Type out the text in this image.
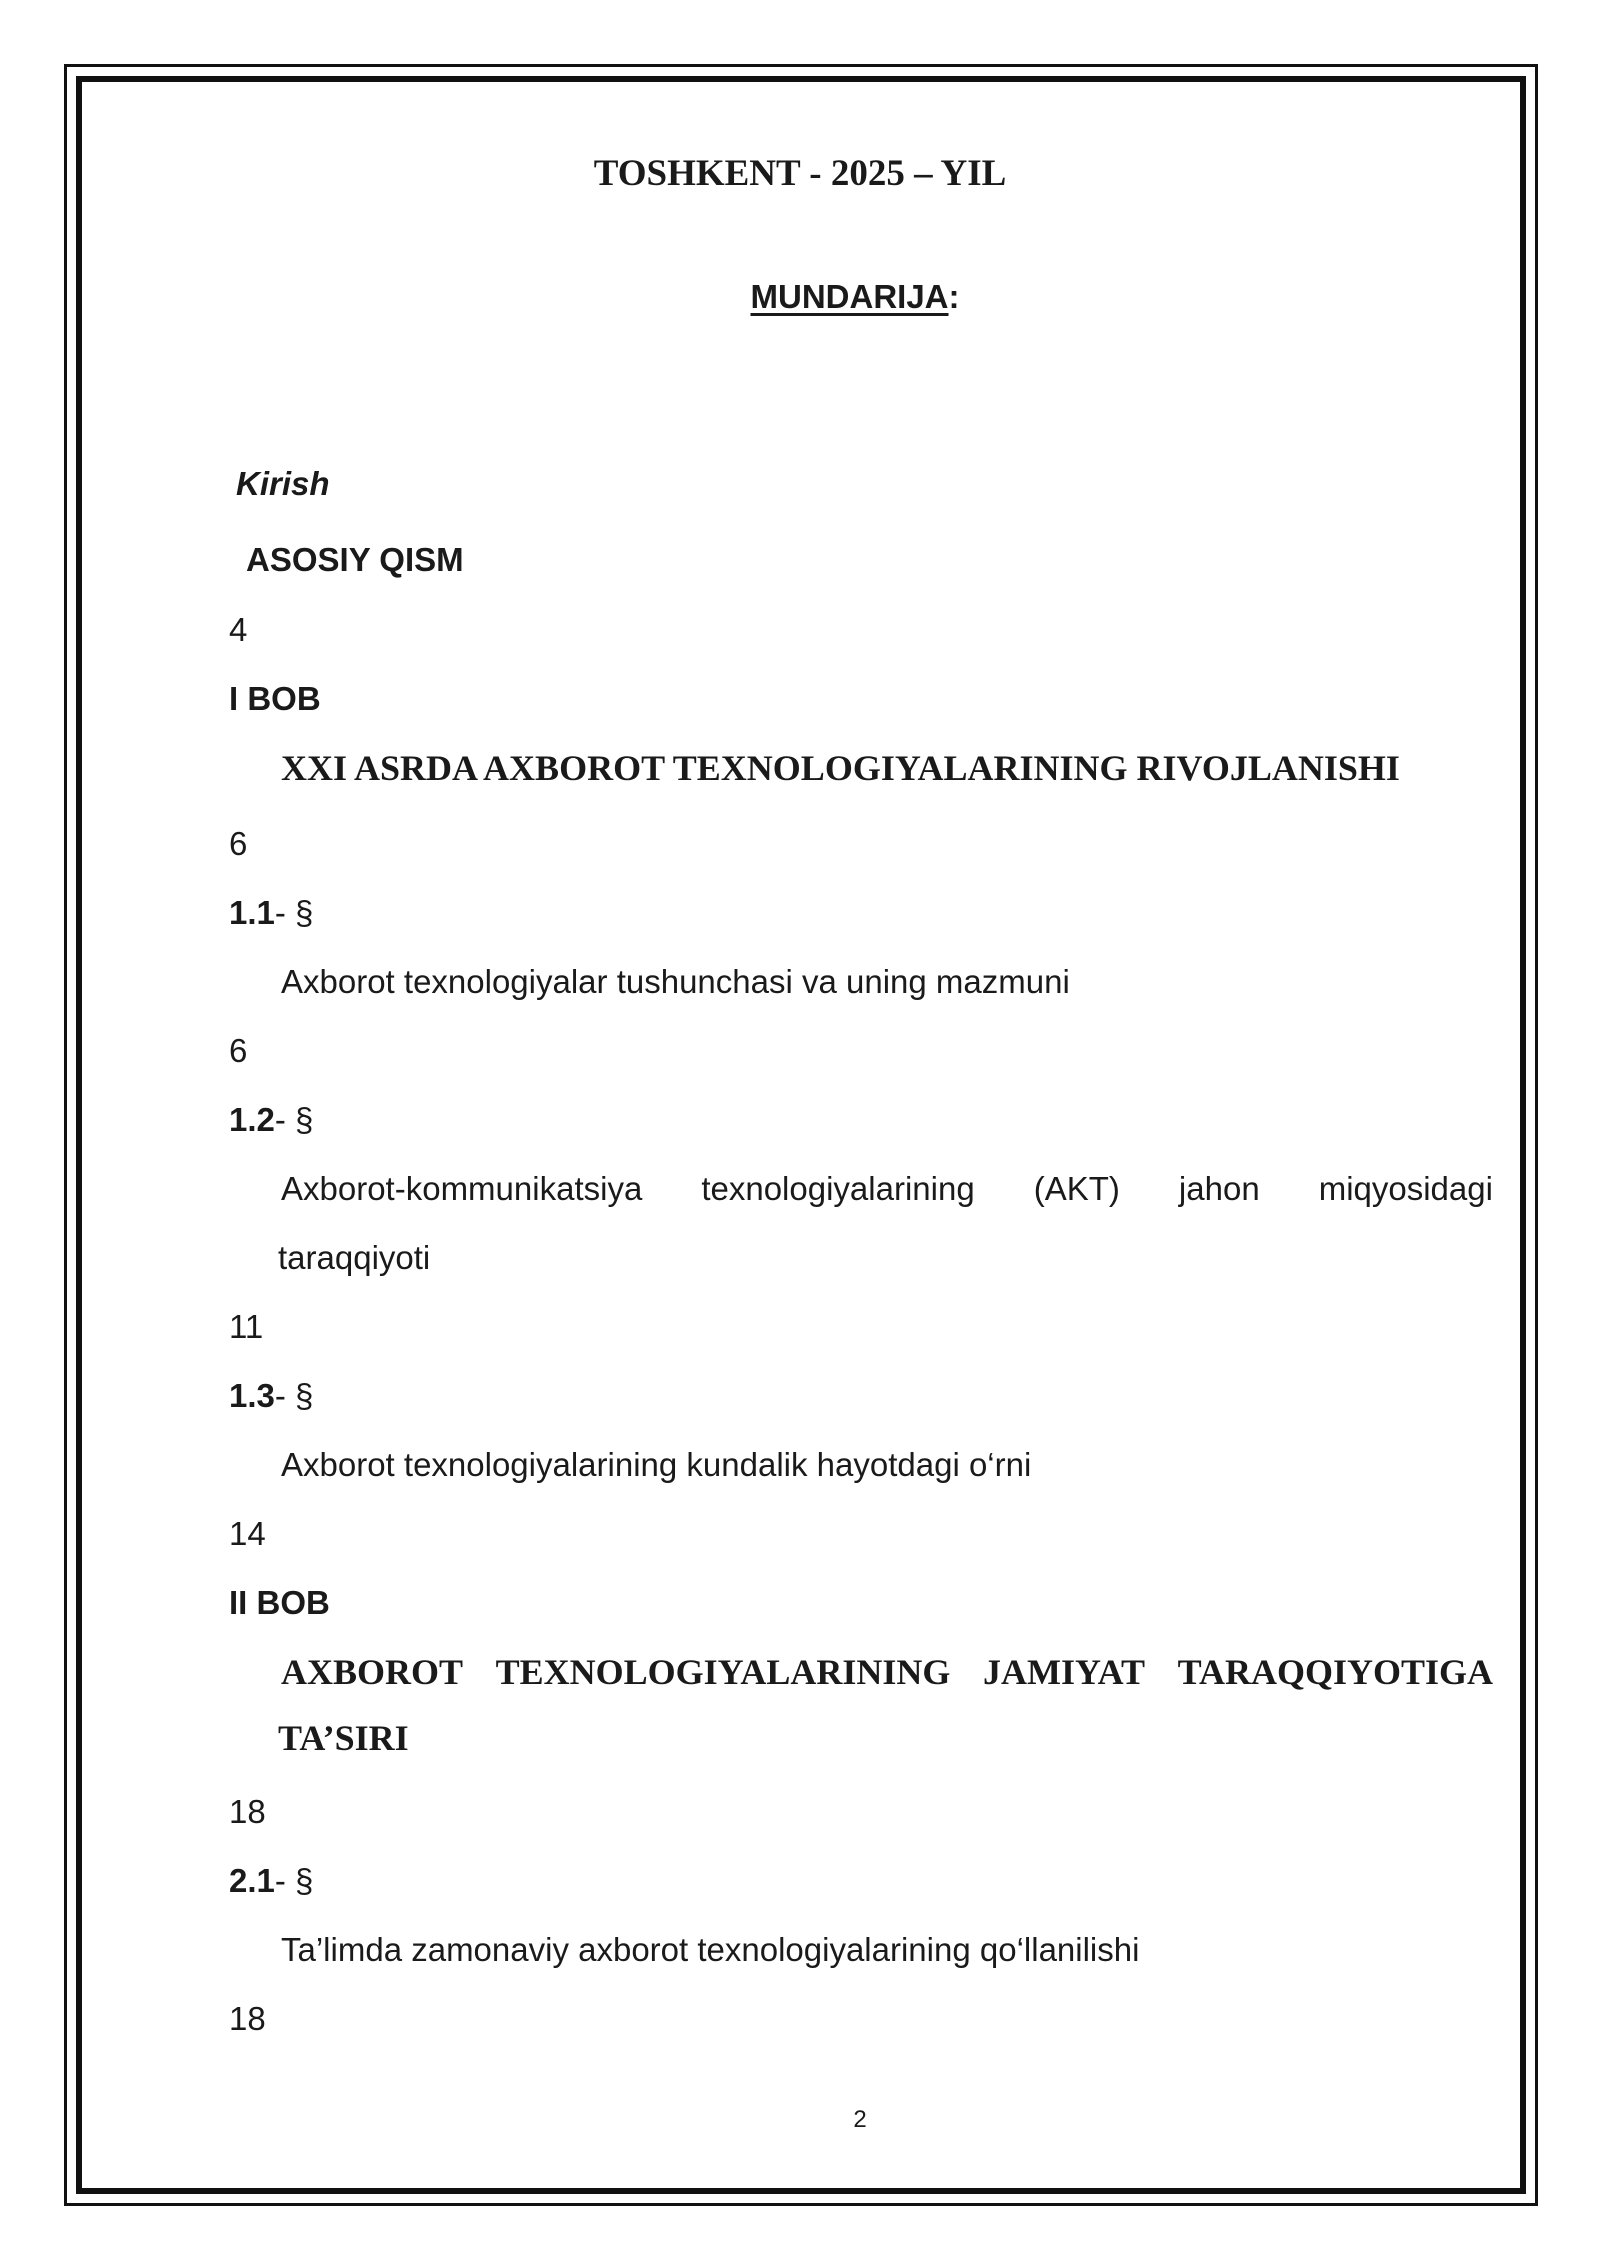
TOSHKENT - 2025 – YIL
MUNDARIJA:
Kirish
ASOSIY QISM
4
I BOB
XXI ASRDA AXBOROT TEXNOLOGIYALARINING RIVOJLANISHI
6
1.1- §
Axborot texnologiyalar tushunchasi va uning mazmuni
6
1.2- §
Axborot-kommunikatsiya texnologiyalarining (AKT) jahon miqyosidagi
taraqqiyoti
11
1.3- §
Axborot texnologiyalarining kundalik hayotdagi o‘rni
14
II BOB
AXBOROT TEXNOLOGIYALARINING JAMIYAT TARAQQIYOTIGA
TA’SIRI
18
2.1- §
Ta’limda zamonaviy axborot texnologiyalarining qo‘llanilishi
18
2
